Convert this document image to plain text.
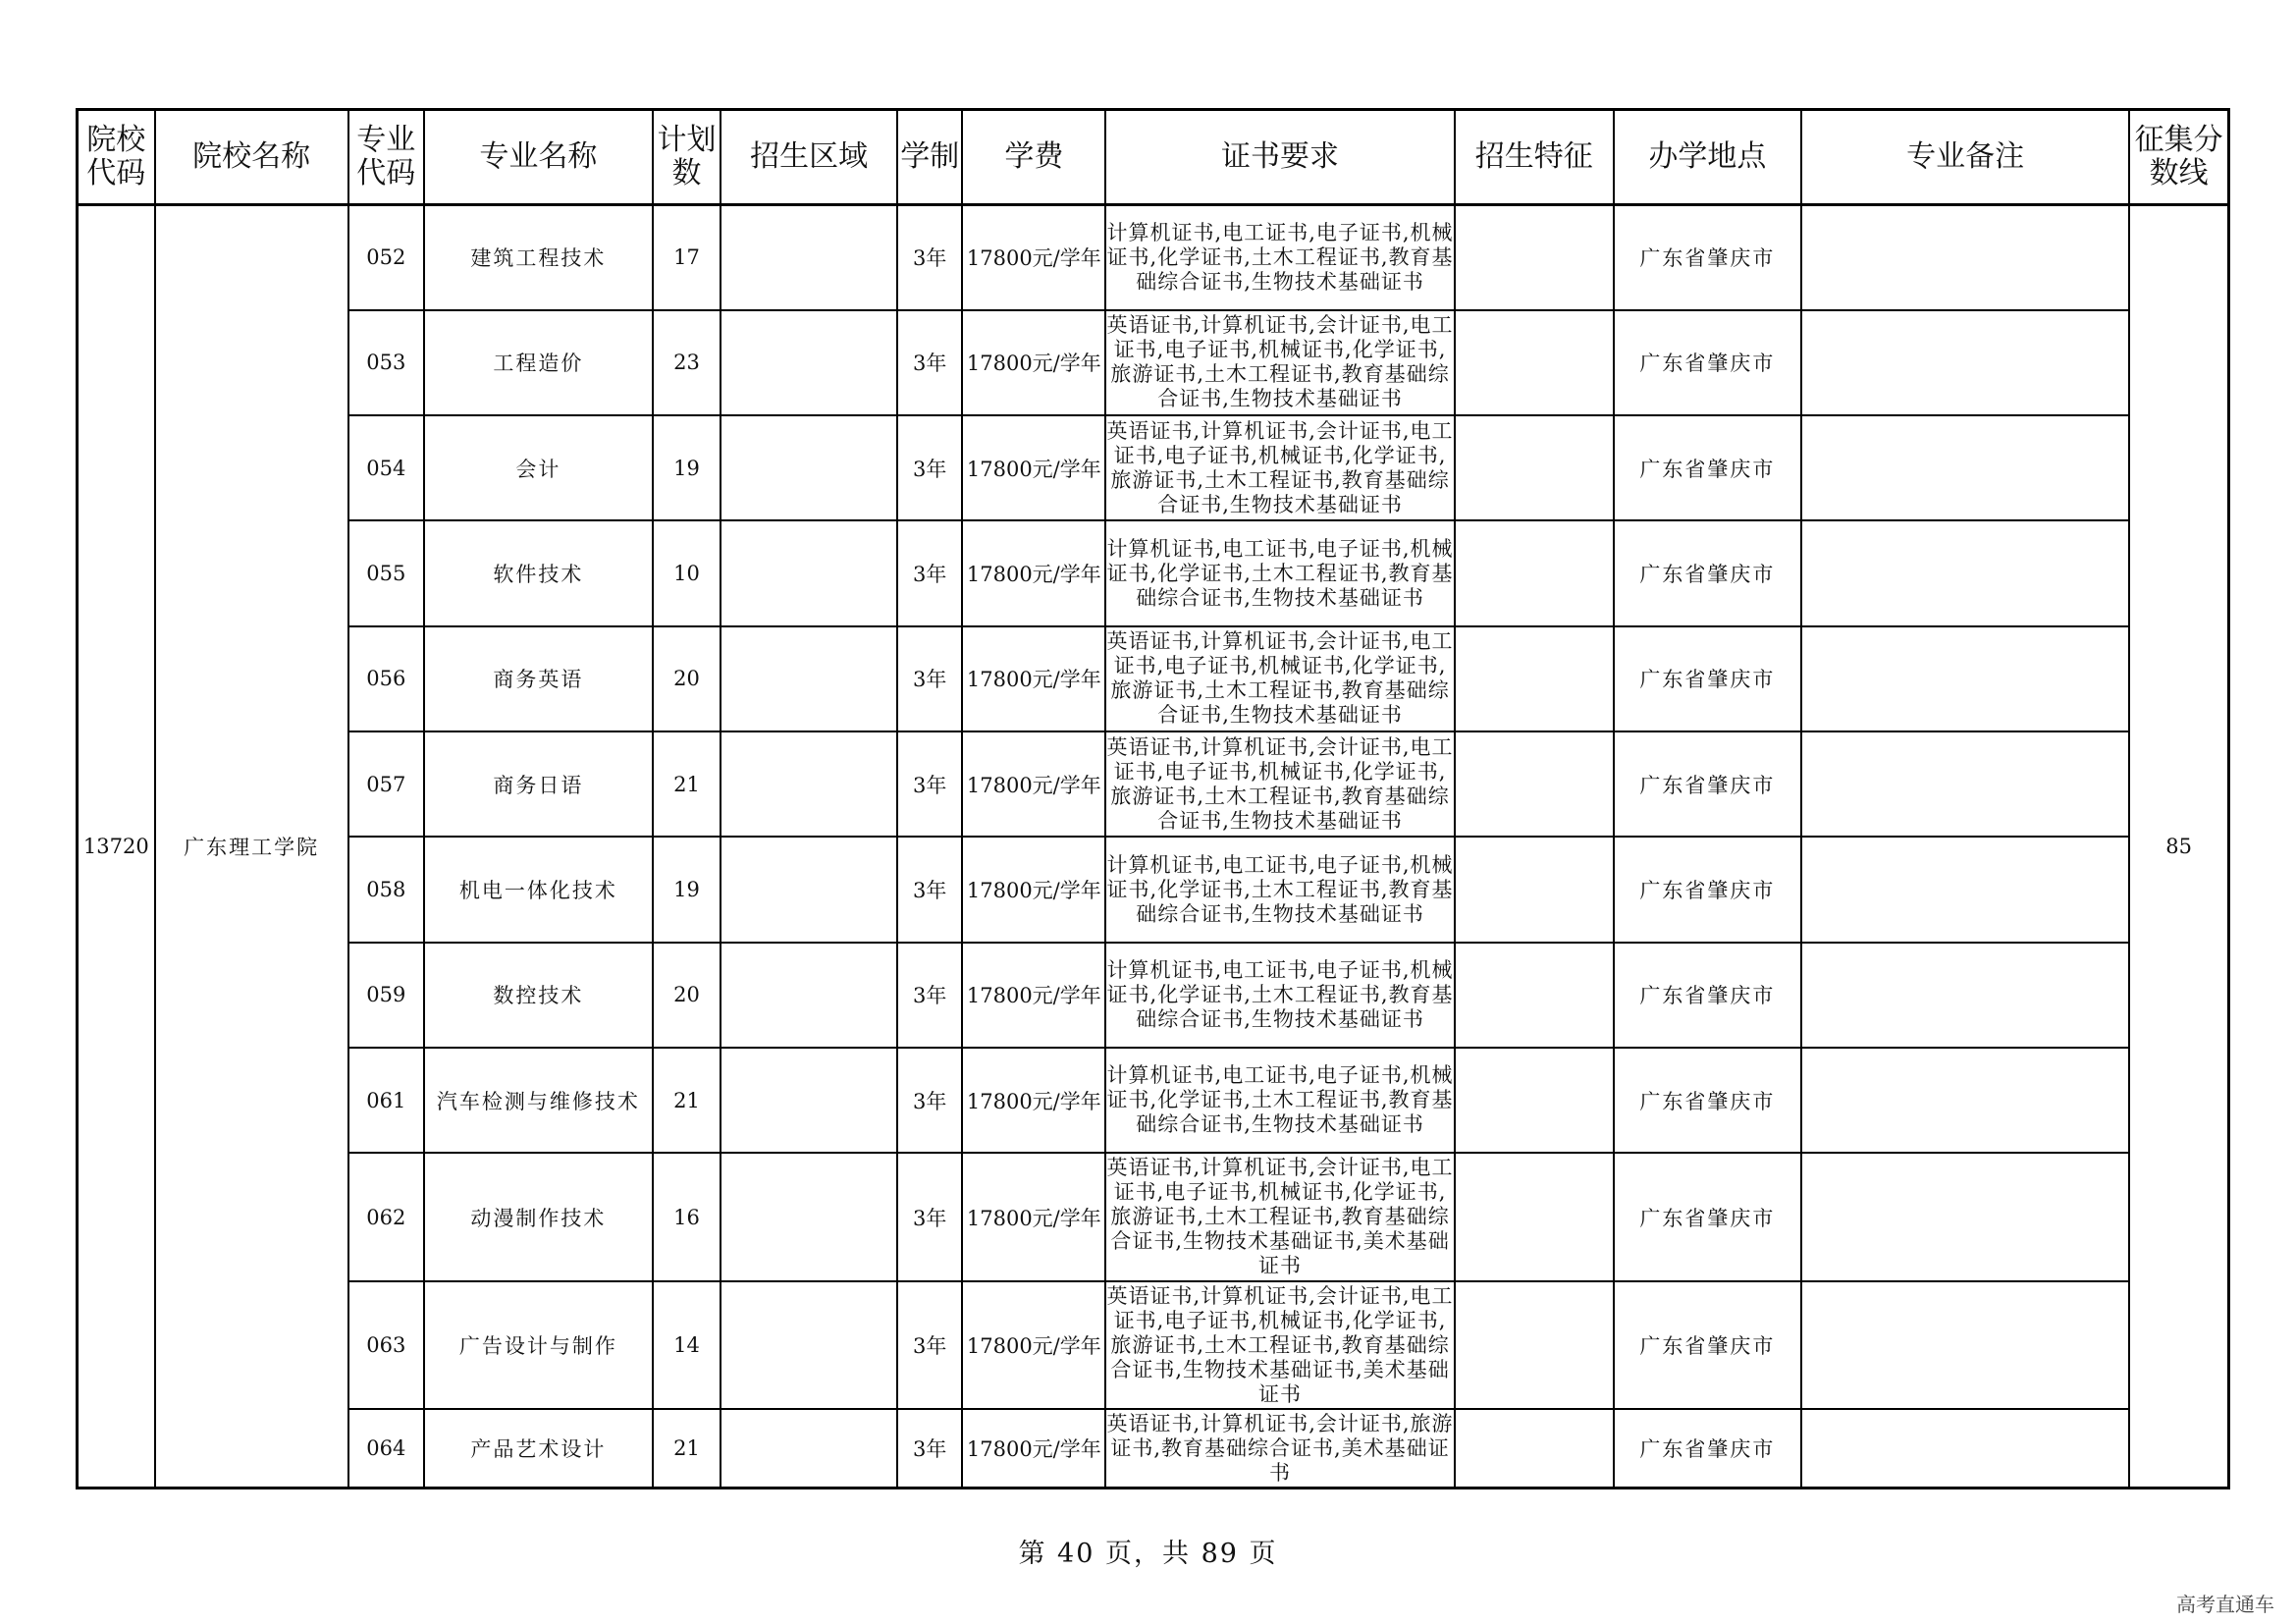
院校代码	院校名称	专业代码	专业名称	计划数	招生区域	学制	学费	证书要求	招生特征	办学地点	专业备注	征集分数线
13720	广东理工学院	052	建筑工程技术	17		3年	17800元/学年	计算机证书,电工证书,电子证书,机械证书,化学证书,土木工程证书,教育基础综合证书,生物技术基础证书		广东省肇庆市		85
		053	工程造价	23		3年	17800元/学年	英语证书,计算机证书,会计证书,电工证书,电子证书,机械证书,化学证书,旅游证书,土木工程证书,教育基础综合证书,生物技术基础证书		广东省肇庆市		
		054	会计	19		3年	17800元/学年	英语证书,计算机证书,会计证书,电工证书,电子证书,机械证书,化学证书,旅游证书,土木工程证书,教育基础综合证书,生物技术基础证书		广东省肇庆市		
		055	软件技术	10		3年	17800元/学年	计算机证书,电工证书,电子证书,机械证书,化学证书,土木工程证书,教育基础综合证书,生物技术基础证书		广东省肇庆市		
		056	商务英语	20		3年	17800元/学年	英语证书,计算机证书,会计证书,电工证书,电子证书,机械证书,化学证书,旅游证书,土木工程证书,教育基础综合证书,生物技术基础证书		广东省肇庆市		
		057	商务日语	21		3年	17800元/学年	英语证书,计算机证书,会计证书,电工证书,电子证书,机械证书,化学证书,旅游证书,土木工程证书,教育基础综合证书,生物技术基础证书		广东省肇庆市		
		058	机电一体化技术	19		3年	17800元/学年	计算机证书,电工证书,电子证书,机械证书,化学证书,土木工程证书,教育基础综合证书,生物技术基础证书		广东省肇庆市		
		059	数控技术	20		3年	17800元/学年	计算机证书,电工证书,电子证书,机械证书,化学证书,土木工程证书,教育基础综合证书,生物技术基础证书		广东省肇庆市		
		061	汽车检测与维修技术	21		3年	17800元/学年	计算机证书,电工证书,电子证书,机械证书,化学证书,土木工程证书,教育基础综合证书,生物技术基础证书		广东省肇庆市		
		062	动漫制作技术	16		3年	17800元/学年	英语证书,计算机证书,会计证书,电工证书,电子证书,机械证书,化学证书,旅游证书,土木工程证书,教育基础综合证书,生物技术基础证书,美术基础证书		广东省肇庆市		
		063	广告设计与制作	14		3年	17800元/学年	英语证书,计算机证书,会计证书,电工证书,电子证书,机械证书,化学证书,旅游证书,土木工程证书,教育基础综合证书,生物技术基础证书,美术基础证书		广东省肇庆市		
		064	产品艺术设计	21		3年	17800元/学年	英语证书,计算机证书,会计证书,旅游证书,教育基础综合证书,美术基础证书		广东省肇庆市		
第 40 页，共 89 页
高考直通车
